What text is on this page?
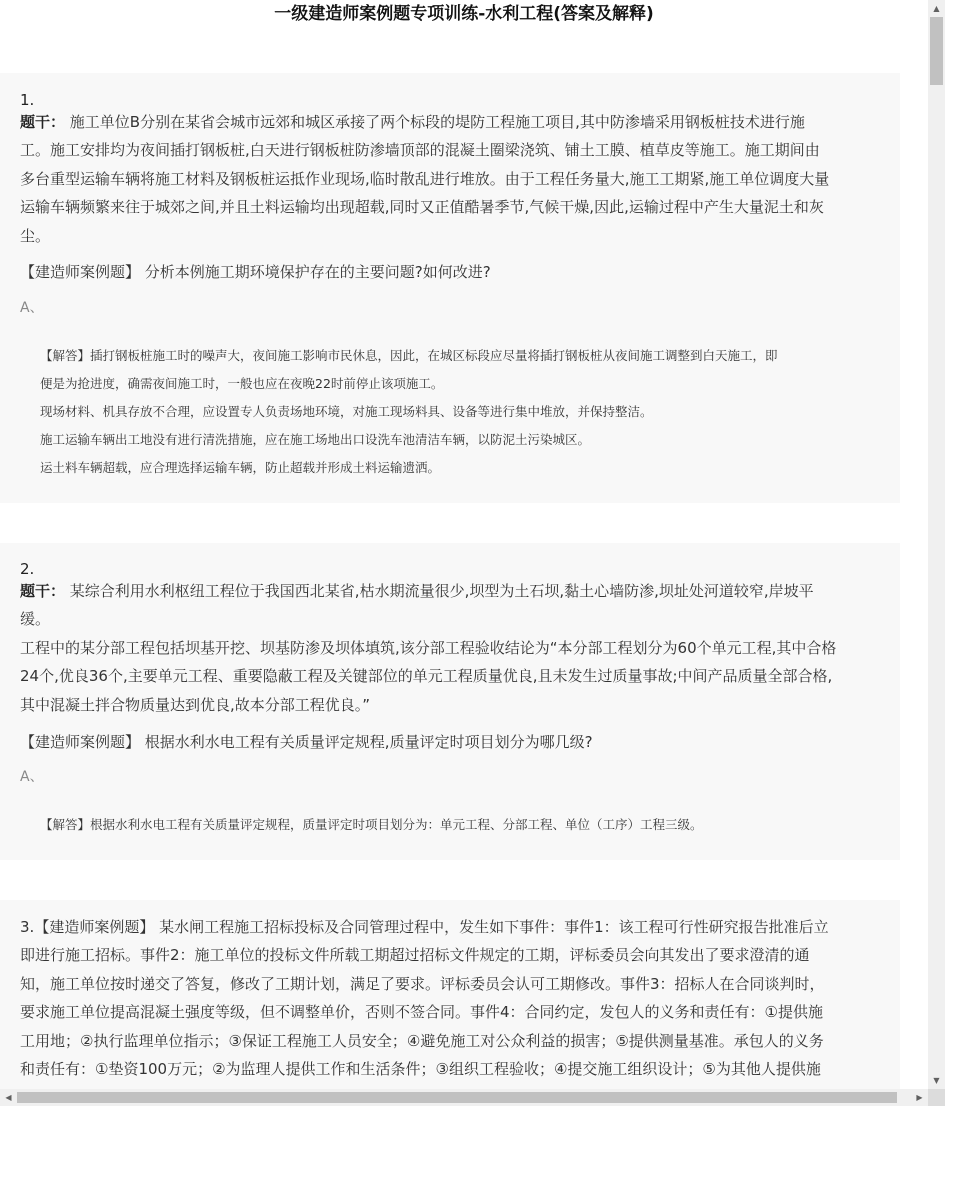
一级建造师案例题专项训练-水利工程(答案及解释)
1.
题干： 施工单位B分别在某省会城市远郊和城区承接了两个标段的堤防工程施工项目,其中防渗墙采用钢板桩技术进行施
工。施工安排均为夜间插打钢板桩,白天进行钢板桩防渗墙顶部的混凝土圈梁浇筑、铺土工膜、植草皮等施工。施工期间由
多台重型运输车辆将施工材料及钢板桩运抵作业现场,临时散乱进行堆放。由于工程任务量大,施工工期紧,施工单位调度大量
运输车辆频繁来往于城郊之间,并且土料运输均出现超载,同时又正值酷暑季节,气候干燥,因此,运输过程中产生大量泥土和灰
尘。
【建造师案例题】 分析本例施工期环境保护存在的主要问题?如何改进?
A、

【解答】插打钢板桩施工时的噪声大，夜间施工影响市民休息，因此，在城区标段应尽量将插打钢板桩从夜间施工调整到白天施工，即

便是为抢进度，确需夜间施工时，一般也应在夜晚22时前停止该项施工。

现场材料、机具存放不合理，应设置专人负责场地环境，对施工现场料具、设备等进行集中堆放，并保持整洁。

施工运输车辆出工地没有进行清洗措施，应在施工场地出口设洗车池清洁车辆，以防泥土污染城区。

运土料车辆超载，应合理选择运输车辆，防止超载并形成土料运输遗洒。

2.
题干： 某综合利用水利枢纽工程位于我国西北某省,枯水期流量很少,坝型为土石坝,黏土心墙防渗,坝址处河道较窄,岸坡平
缓。
工程中的某分部工程包括坝基开挖、坝基防渗及坝体填筑,该分部工程验收结论为“本分部工程划分为60个单元工程,其中合格
24个,优良36个,主要单元工程、重要隐蔽工程及关键部位的单元工程质量优良,且未发生过质量事故;中间产品质量全部合格,
其中混凝土拌合物质量达到优良,故本分部工程优良。”
【建造师案例题】 根据水利水电工程有关质量评定规程,质量评定时项目划分为哪几级?
A、

【解答】根据水利水电工程有关质量评定规程，质量评定时项目划分为：单元工程、分部工程、单位（工序）工程三级。

3.【建造师案例题】 某水闸工程施工招标投标及合同管理过程中，发生如下事件：事件1：该工程可行性研究报告批准后立
即进行施工招标。事件2：施工单位的投标文件所载工期超过招标文件规定的工期，评标委员会向其发出了要求澄清的通
知，施工单位按时递交了答复，修改了工期计划，满足了要求。评标委员会认可工期修改。事件3：招标人在合同谈判时，
要求施工单位提高混凝土强度等级，但不调整单价，否则不签合同。事件4：合同约定，发包人的义务和责任有：①提供施
工用地；②执行监理单位指示；③保证工程施工人员安全；④避免施工对公众利益的损害；⑤提供测量基准。承包人的义务
和责任有：①垫资100万元；②为监理人提供工作和生活条件；③组织工程验收；④提交施工组织设计；⑤为其他人提供施
▲
▼
◀	▶
